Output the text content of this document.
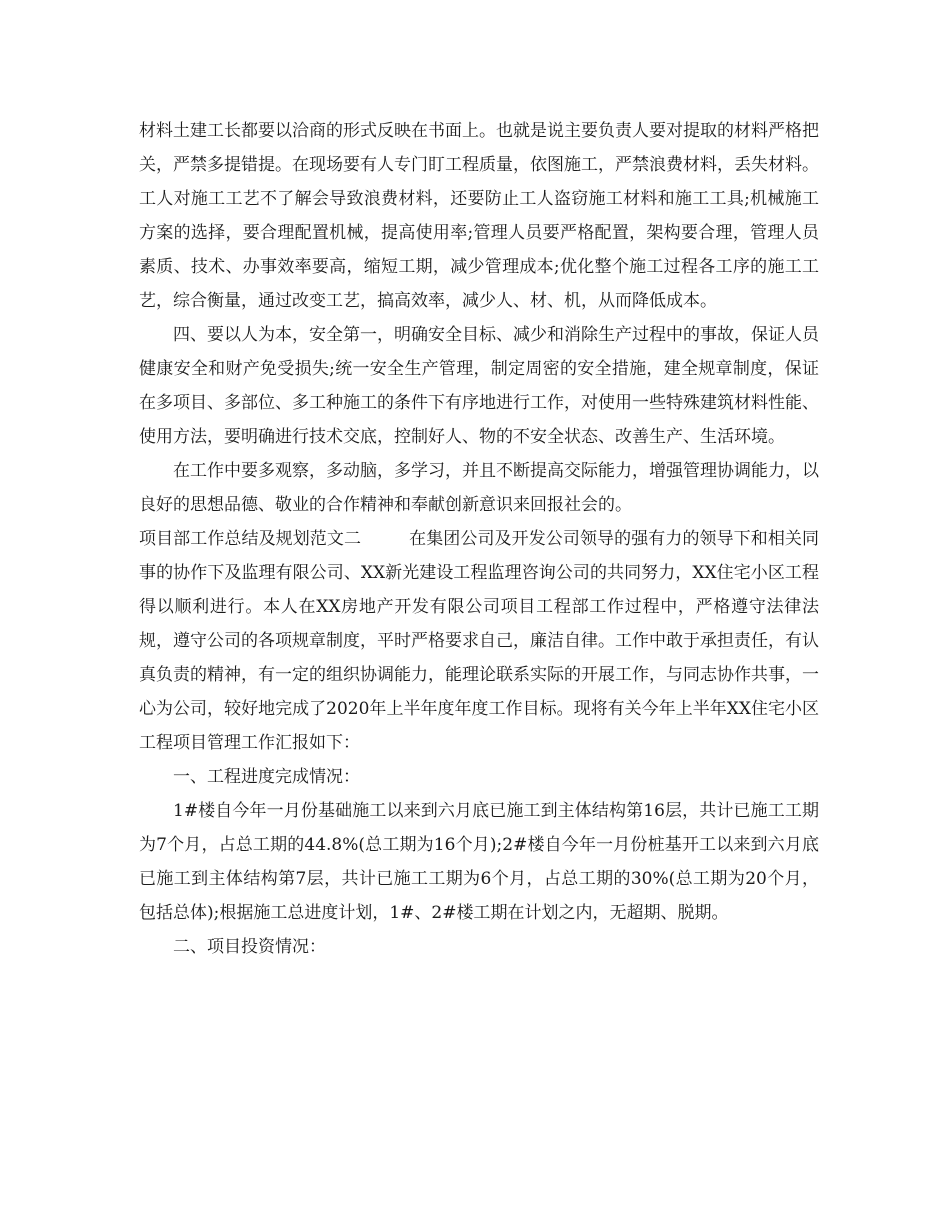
材料土建工长都要以洽商的形式反映在书面上。也就是说主要负责人要对提取的材料严格把关，严禁多提错提。在现场要有人专门盯工程质量，依图施工，严禁浪费材料，丢失材料。工人对施工工艺不了解会导致浪费材料，还要防止工人盗窃施工材料和施工工具;机械施工方案的选择，要合理配置机械，提高使用率;管理人员要严格配置，架构要合理，管理人员素质、技术、办事效率要高，缩短工期，减少管理成本;优化整个施工过程各工序的施工工艺，综合衡量，通过改变工艺，搞高效率，减少人、材、机，从而降低成本。

四、要以人为本，安全第一，明确安全目标、减少和消除生产过程中的事故，保证人员健康安全和财产免受损失;统一安全生产管理，制定周密的安全措施，建全规章制度，保证在多项目、多部位、多工种施工的条件下有序地进行工作，对使用一些特殊建筑材料性能、使用方法，要明确进行技术交底，控制好人、物的不安全状态、改善生产、生活环境。

在工作中要多观察，多动脑，多学习，并且不断提高交际能力，增强管理协调能力，以良好的思想品德、敬业的合作精神和奉献创新意识来回报社会的。

项目部工作总结及规划范文二	在集团公司及开发公司领导的强有力的领导下和相关同事的协作下及监理有限公司、XX新光建设工程监理咨询公司的共同努力，XX住宅小区工程得以顺利进行。本人在XX房地产开发有限公司项目工程部工作过程中，严格遵守法律法规，遵守公司的各项规章制度，平时严格要求自己，廉洁自律。工作中敢于承担责任，有认真负责的精神，有一定的组织协调能力，能理论联系实际的开展工作，与同志协作共事，一心为公司，较好地完成了2020年上半年度年度工作目标。现将有关今年上半年XX住宅小区工程项目管理工作汇报如下：

一、工程进度完成情况：

1#楼自今年一月份基础施工以来到六月底已施工到主体结构第16层，共计已施工工期为7个月，占总工期的44.8%(总工期为16个月);2#楼自今年一月份桩基开工以来到六月底已施工到主体结构第7层，共计已施工工期为6个月，占总工期的30%(总工期为20个月，包括总体);根据施工总进度计划，1#、2#楼工期在计划之内，无超期、脱期。

二、项目投资情况：
